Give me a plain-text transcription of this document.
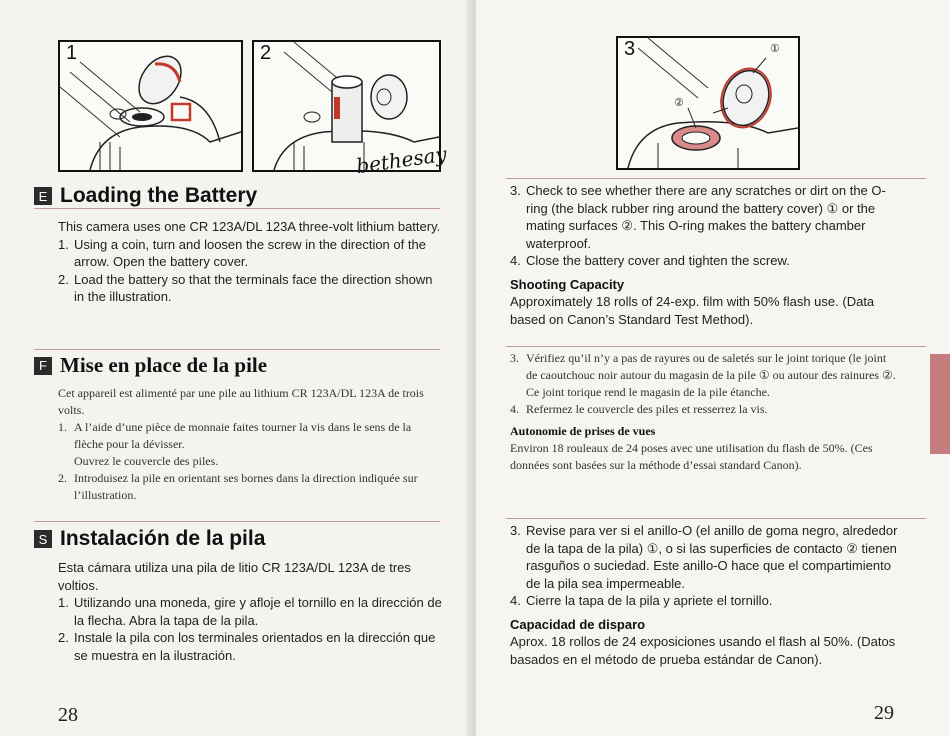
1	2
bethesay
E Loading the Battery

This camera uses one CR 123A/DL 123A three-volt lithium battery.

1. Using a coin, turn and loosen the screw in the direction of the arrow. Open the battery cover.
2. Load the battery so that the terminals face the direction shown in the illustration.
F Mise en place de la pile

Cet appareil est alimenté par une pile au lithium CR 123A/DL 123A de trois volts.

1. A l’aide d’une pièce de monnaie faites tourner la vis dans le sens de la flèche pour la dévisser.
Ouvrez le couvercle des piles.
2. Introduisez la pile en orientant ses bornes dans la direction indiquée sur l’illustration.
S Instalación de la pila

Esta cámara utiliza una pila de litio CR 123A/DL 123A de tres voltios.

1. Utilizando una moneda, gire y afloje el tornillo en la dirección de la flecha. Abra la tapa de la pila.
2. Instale la pila con los terminales orientados en la dirección que se muestra en la ilustración.
28
3	①
②
3. Check to see whether there are any scratches or dirt on the O-ring (the black rubber ring around the battery cover) ① or the mating surfaces ②. This O-ring makes the battery chamber waterproof.
4. Close the battery cover and tighten the screw.
Shooting Capacity

Approximately 18 rolls of 24-exp. film with 50% flash use. (Data based on Canon’s Standard Test Method).

3. Vérifiez qu’il n’y a pas de rayures ou de saletés sur le joint torique (le joint de caoutchouc noir autour du magasin de la pile ① ou autour des rainures ②. Ce joint torique rend le magasin de la pile étanche.
4. Refermez le couvercle des piles et resserrez la vis.
Autonomie de prises de vues

Environ 18 rouleaux de 24 poses avec une utilisation du flash de 50%. (Ces données sont basées sur la méthode d’essai standard Canon).

3. Revise para ver si el anillo-O (el anillo de goma negro, alrededor de la tapa de la pila) ①, o si las superficies de contacto ② tienen rasguños o suciedad. Este anillo-O hace que el compartimiento de la pila sea impermeable.
4. Cierre la tapa de la pila y apriete el tornillo.
Capacidad de disparo

Aprox. 18 rollos de 24 exposiciones usando el flash al 50%. (Datos basados en el método de prueba estándar de Canon).

29
